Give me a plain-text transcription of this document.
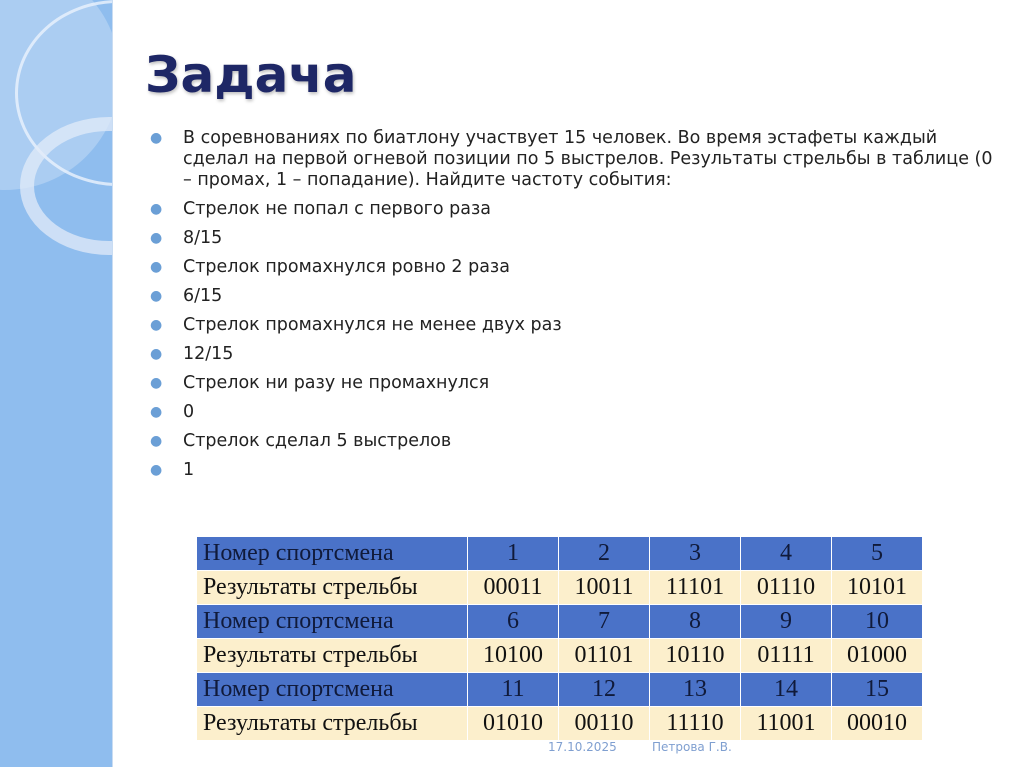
Задача
● В соревнованиях по биатлону участвует 15 человек. Во время эстафеты каждый сделал на первой огневой позиции по 5 выстрелов. Результаты стрельбы в таблице (0 – промах, 1 – попадание). Найдите частоту события:
● Стрелок не попал с первого раза
● 8/15
● Стрелок промахнулся ровно 2 раза
● 6/15
● Стрелок промахнулся не менее двух раз
● 12/15
● Стрелок ни разу не промахнулся
● 0
● Стрелок сделал 5 выстрелов
● 1
Номер спортсмена	1	2	3	4	5
Результаты стрельбы	00011	10011	11101	01110	10101
Номер спортсмена	6	7	8	9	10
Результаты стрельбы	10100	01101	10110	01111	01000
Номер спортсмена	11	12	13	14	15
Результаты стрельбы	01010	00110	11110	11001	00010
17.10.2025	Петрова Г.В.
